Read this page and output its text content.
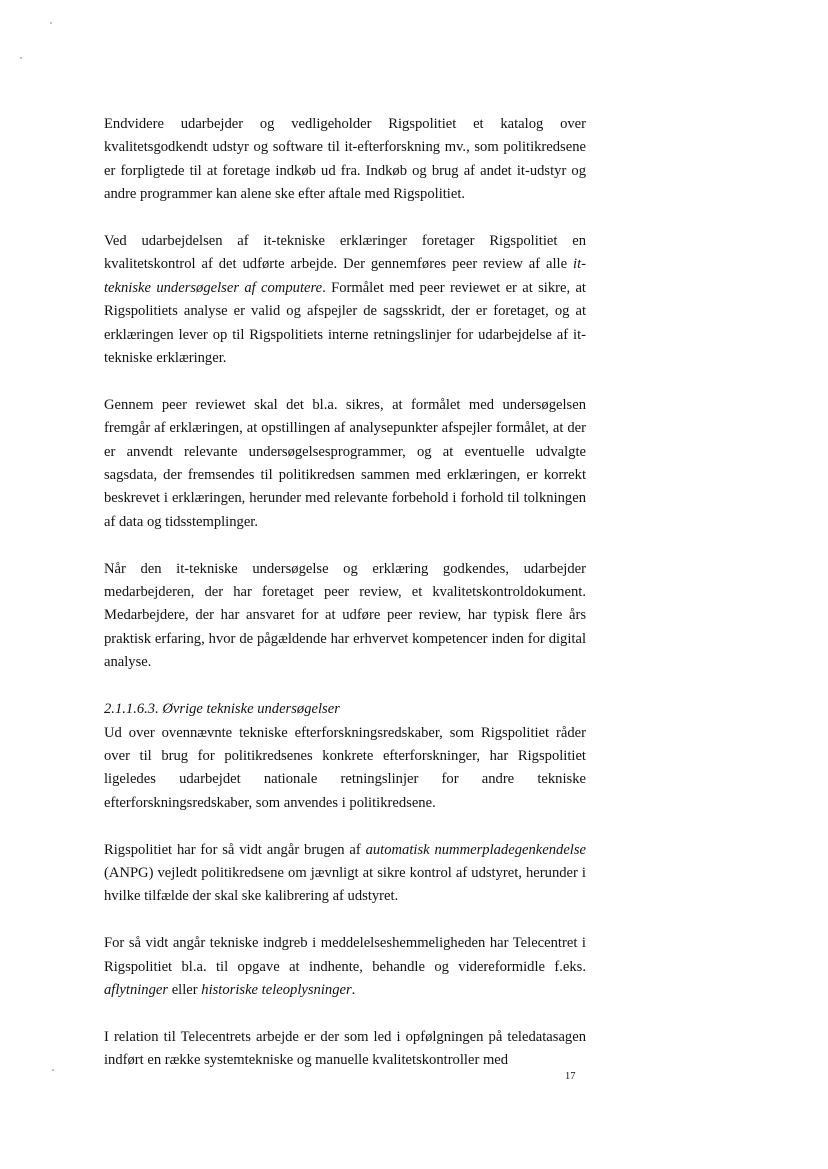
Endvidere udarbejder og vedligeholder Rigspolitiet et katalog over kvalitetsgodkendt udstyr og software til it-efterforskning mv., som politikredsene er forpligtede til at foretage indkøb ud fra. Indkøb og brug af andet it-udstyr og andre programmer kan alene ske efter aftale med Rigspolitiet.

Ved udarbejdelsen af it-tekniske erklæringer foretager Rigspolitiet en kvalitetskontrol af det udførte arbejde. Der gennemføres peer review af alle it-tekniske undersøgelser af computere. Formålet med peer reviewet er at sikre, at Rigspolitiets analyse er valid og afspejler de sagsskridt, der er foretaget, og at erklæringen lever op til Rigspolitiets interne retningslinjer for udarbejdelse af it-tekniske erklæringer.

Gennem peer reviewet skal det bl.a. sikres, at formålet med undersøgelsen fremgår af erklæringen, at opstillingen af analysepunkter afspejler formålet, at der er anvendt relevante undersøgelsesprogrammer, og at eventuelle udvalgte sagsdata, der fremsendes til politikredsen sammen med erklæringen, er korrekt beskrevet i erklæringen, herunder med relevante forbehold i forhold til tolkningen af data og tidsstemplinger.

Når den it-tekniske undersøgelse og erklæring godkendes, udarbejder medarbejderen, der har foretaget peer review, et kvalitetskontroldokument. Medarbejdere, der har ansvaret for at udføre peer review, har typisk flere års praktisk erfaring, hvor de pågældende har erhvervet kompetencer inden for digital analyse.

2.1.1.6.3. Øvrige tekniske undersøgelser

Ud over ovennævnte tekniske efterforskningsredskaber, som Rigspolitiet råder over til brug for politikredsenes konkrete efterforskninger, har Rigspolitiet ligeledes udarbejdet nationale retningslinjer for andre tekniske efterforskningsredskaber, som anvendes i politikredsene.

Rigspolitiet har for så vidt angår brugen af automatisk nummerpladegenkendelse (ANPG) vejledt politikredsene om jævnligt at sikre kontrol af udstyret, herunder i hvilke tilfælde der skal ske kalibrering af udstyret.

For så vidt angår tekniske indgreb i meddelelseshemmeligheden har Telecentret i Rigspolitiet bl.a. til opgave at indhente, behandle og videreformidle f.eks. aflytninger eller historiske teleoplysninger.

I relation til Telecentrets arbejde er der som led i opfølgningen på teledatasagen indført en række systemtekniske og manuelle kvalitetskontroller med

17
